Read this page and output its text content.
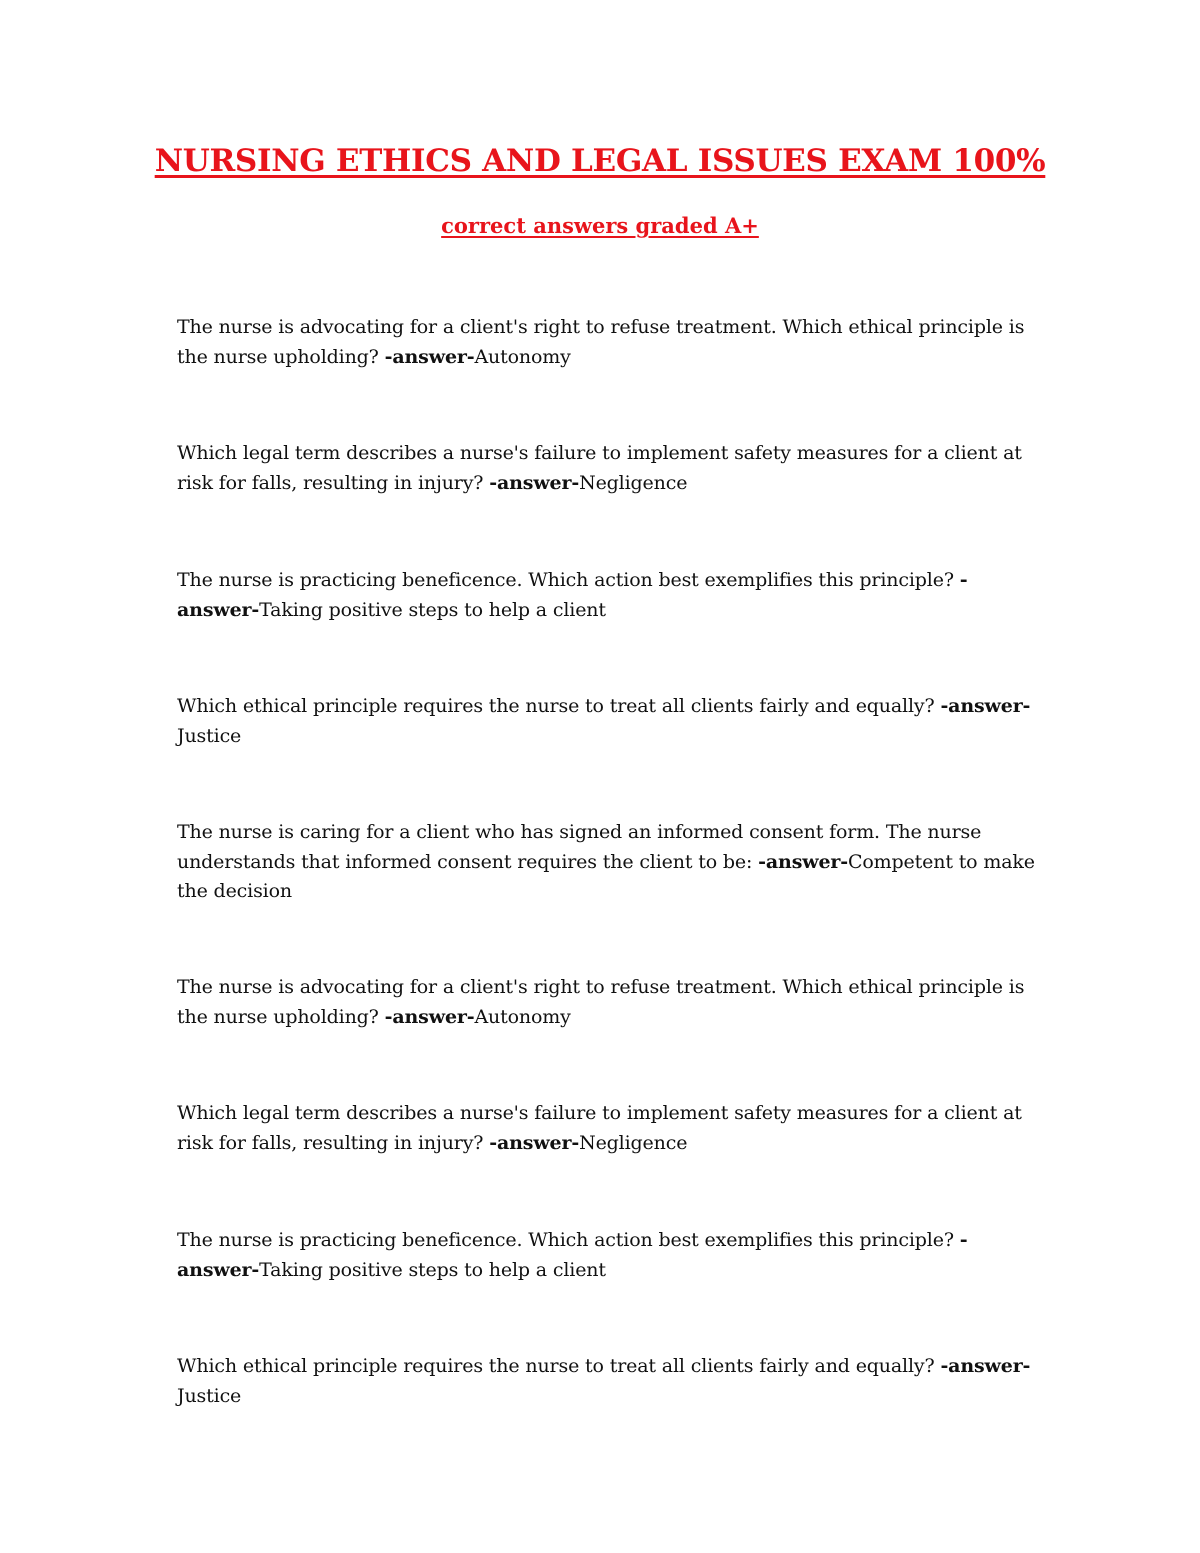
NURSING ETHICS AND LEGAL ISSUES EXAM 100%
correct answers graded A+
The nurse is advocating for a client's right to refuse treatment. Which ethical principle is the nurse upholding? -answer-Autonomy
Which legal term describes a nurse's failure to implement safety measures for a client at risk for falls, resulting in injury? -answer-Negligence
The nurse is practicing beneficence. Which action best exemplifies this principle? -answer-Taking positive steps to help a client
Which ethical principle requires the nurse to treat all clients fairly and equally? -answer-Justice
The nurse is caring for a client who has signed an informed consent form. The nurse understands that informed consent requires the client to be: -answer-Competent to make the decision
The nurse is advocating for a client's right to refuse treatment. Which ethical principle is the nurse upholding? -answer-Autonomy
Which legal term describes a nurse's failure to implement safety measures for a client at risk for falls, resulting in injury? -answer-Negligence
The nurse is practicing beneficence. Which action best exemplifies this principle? -answer-Taking positive steps to help a client
Which ethical principle requires the nurse to treat all clients fairly and equally? -answer-Justice
